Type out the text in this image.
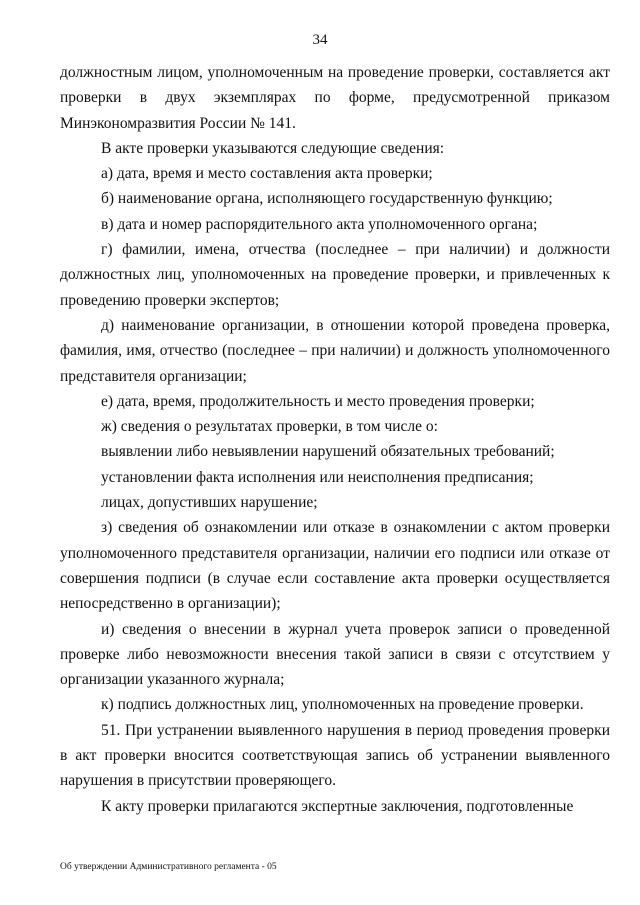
34

должностным лицом, уполномоченным на проведение проверки, составляется акт проверки в двух экземплярах по форме, предусмотренной приказом Минэкономразвития России № 141.

В акте проверки указываются следующие сведения:

а) дата, время и место составления акта проверки;

б) наименование органа, исполняющего государственную функцию;

в) дата и номер распорядительного акта уполномоченного органа;

г) фамилии, имена, отчества (последнее – при наличии) и должности должностных лиц, уполномоченных на проведение проверки, и привлеченных к проведению проверки экспертов;

д) наименование организации, в отношении которой проведена проверка, фамилия, имя, отчество (последнее – при наличии) и должность уполномоченного представителя организации;

е) дата, время, продолжительность и место проведения проверки;

ж) сведения о результатах проверки, в том числе о:

выявлении либо невыявлении нарушений обязательных требований;

установлении факта исполнения или неисполнения предписания;

лицах, допустивших нарушение;

з) сведения об ознакомлении или отказе в ознакомлении с актом проверки уполномоченного представителя организации, наличии его подписи или отказе от совершения подписи (в случае если составление акта проверки осуществляется непосредственно в организации);

и) сведения о внесении в журнал учета проверок записи о проведенной проверке либо невозможности внесения такой записи в связи с отсутствием у организации указанного журнала;

к) подпись должностных лиц, уполномоченных на проведение проверки.

51. При устранении выявленного нарушения в период проведения проверки в акт проверки вносится соответствующая запись об устранении выявленного нарушения в присутствии проверяющего.

К акту проверки прилагаются экспертные заключения, подготовленные

Об утверждении Административного регламента - 05
